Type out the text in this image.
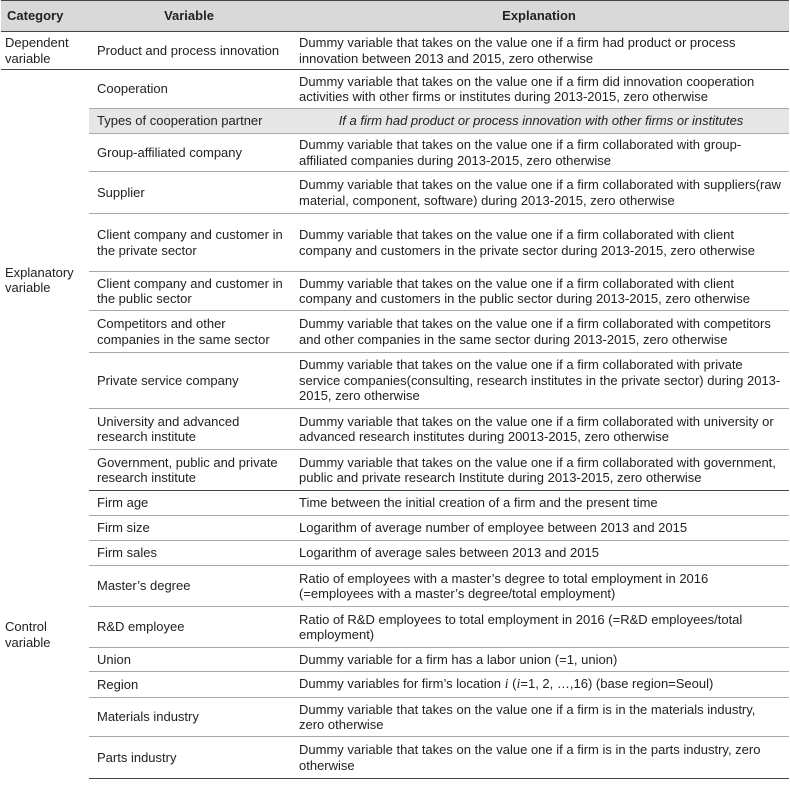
Category	Variable	Explanation
Dependent variable	Product and process innovation	Dummy variable that takes on the value one if a firm had product or process innovation between 2013 and 2015, zero otherwise
Explanatory variable	Cooperation	Dummy variable that takes on the value one if a firm did innovation cooperation activities with other firms or institutes during 2013-2015, zero otherwise
	Types of cooperation partner	If a firm had product or process innovation with other firms or institutes
	Group-affiliated company	Dummy variable that takes on the value one if a firm collaborated with group-affiliated companies during 2013-2015, zero otherwise
	Supplier	Dummy variable that takes on the value one if a firm collaborated with suppliers(raw material, component, software) during 2013-2015, zero otherwise
	Client company and customer in the private sector	Dummy variable that takes on the value one if a firm collaborated with client company and customers in the private sector during 2013-2015, zero otherwise
	Client company and customer in the public sector	Dummy variable that takes on the value one if a firm collaborated with client company and customers in the public sector during 2013-2015, zero otherwise
	Competitors and other companies in the same sector	Dummy variable that takes on the value one if a firm collaborated with competitors and other companies in the same sector during 2013-2015, zero otherwise
	Private service company	Dummy variable that takes on the value one if a firm collaborated with private service companies(consulting, research institutes in the private sector) during 2013-2015, zero otherwise
	University and advanced research institute	Dummy variable that takes on the value one if a firm collaborated with university or advanced research institutes during 20013-2015, zero otherwise
	Government, public and private research institute	Dummy variable that takes on the value one if a firm collaborated with government, public and private research Institute during 2013-2015, zero otherwise
Control variable	Firm age	Time between the initial creation of a firm and the present time
	Firm size	Logarithm of average number of employee between 2013 and 2015
	Firm sales	Logarithm of average sales between 2013 and 2015
	Master’s degree	Ratio of employees with a master’s degree to total employment in 2016 (=employees with a master’s degree/total employment)
	R&D employee	Ratio of R&D employees to total employment in 2016 (=R&D employees/total employment)
	Union	Dummy variable for a firm has a labor union (=1, union)
	Region	Dummy variables for firm’s location i (i=1, 2, …,16) (base region=Seoul)
	Materials industry	Dummy variable that takes on the value one if a firm is in the materials industry, zero otherwise
	Parts industry	Dummy variable that takes on the value one if a firm is in the parts industry, zero otherwise
